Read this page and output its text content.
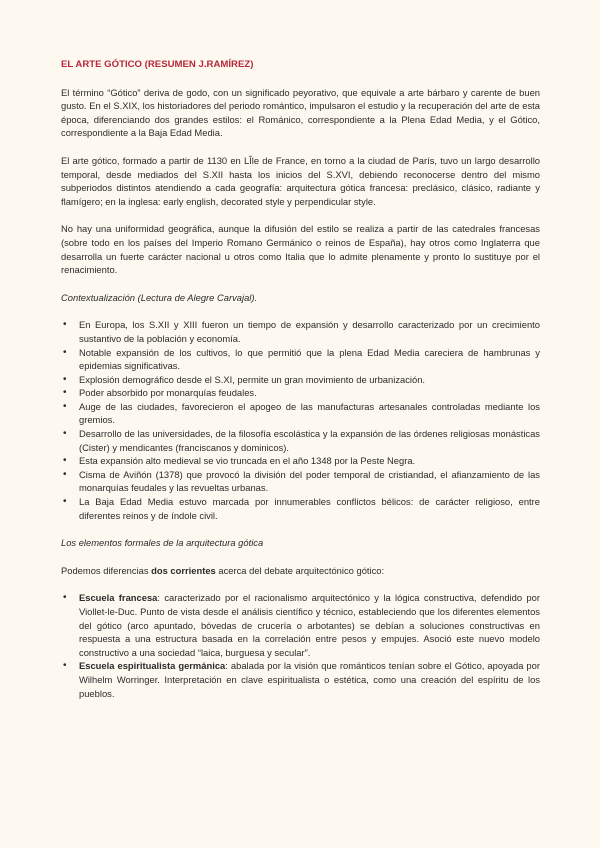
EL ARTE GÓTICO (RESUMEN J.RAMÍREZ)

El término “Gótico” deriva de godo, con un significado peyorativo, que equivale a arte bárbaro y carente de buen gusto. En el S.XIX, los historiadores del periodo romántico, impulsaron el estudio y la recuperación del arte de esta época, diferenciando dos grandes estilos: el Románico, correspondiente a la Plena Edad Media, y el Gótico, correspondiente a la Baja Edad Media.

El arte gótico, formado a partir de 1130 en LÎle de France, en torno a la ciudad de París, tuvo un largo desarrollo temporal, desde mediados del S.XII hasta los inicios del S.XVI, debiendo reconocerse dentro del mismo subperiodos distintos atendiendo a cada geografía: arquitectura gótica francesa: preclásico, clásico, radiante y flamígero; en la inglesa: early english, decorated style y perpendicular style.

No hay una uniformidad geográfica, aunque la difusión del estilo se realiza a partir de las catedrales francesas (sobre todo en los países del Imperio Romano Germánico o reinos de España), hay otros como Inglaterra que desarrolla un fuerte carácter nacional u otros como Italia que lo admite plenamente y pronto lo sustituye por el renacimiento.

Contextualización (Lectura de Alegre Carvajal).
• En Europa, los S.XII y XIII fueron un tiempo de expansión y desarrollo caracterizado por un crecimiento sustantivo de la población y economía.
• Notable expansión de los cultivos, lo que permitió que la plena Edad Media careciera de hambrunas y epidemias significativas.
• Explosión demográfico desde el S.XI, permite un gran movimiento de urbanización.
• Poder absorbido por monarquías feudales.
• Auge de las ciudades, favorecieron el apogeo de las manufacturas artesanales controladas mediante los gremios.
• Desarrollo de las universidades, de la filosofía escolástica y la expansión de las órdenes religiosas monásticas (Cister) y mendicantes (franciscanos y dominicos).
• Esta expansión alto medieval se vio truncada en el año 1348 por la Peste Negra.
• Cisma de Aviñón (1378) que provocó la división del poder temporal de cristiandad, el afianzamiento de las monarquías feudales y las revueltas urbanas.
• La Baja Edad Media estuvo marcada por innumerables conflictos bélicos: de carácter religioso, entre diferentes reinos y de índole civil.
Los elementos formales de la arquitectura gótica

Podemos diferencias dos corrientes acerca del debate arquitectónico gótico:

• Escuela francesa: caracterizado por el racionalismo arquitectónico y la lógica constructiva, defendido por Viollet-le-Duc. Punto de vista desde el análisis científico y técnico, estableciendo que los diferentes elementos del gótico (arco apuntado, bóvedas de crucería o arbotantes) se debían a soluciones constructivas en respuesta a una estructura basada en la correlación entre pesos y empujes. Asoció este nuevo modelo constructivo a una sociedad “laica, burguesa y secular”.
• Escuela espiritualista germánica: abalada por la visión que románticos tenían sobre el Gótico, apoyada por Wilhelm Worringer. Interpretación en clave espiritualista o estética, como una creación del espíritu de los pueblos.
